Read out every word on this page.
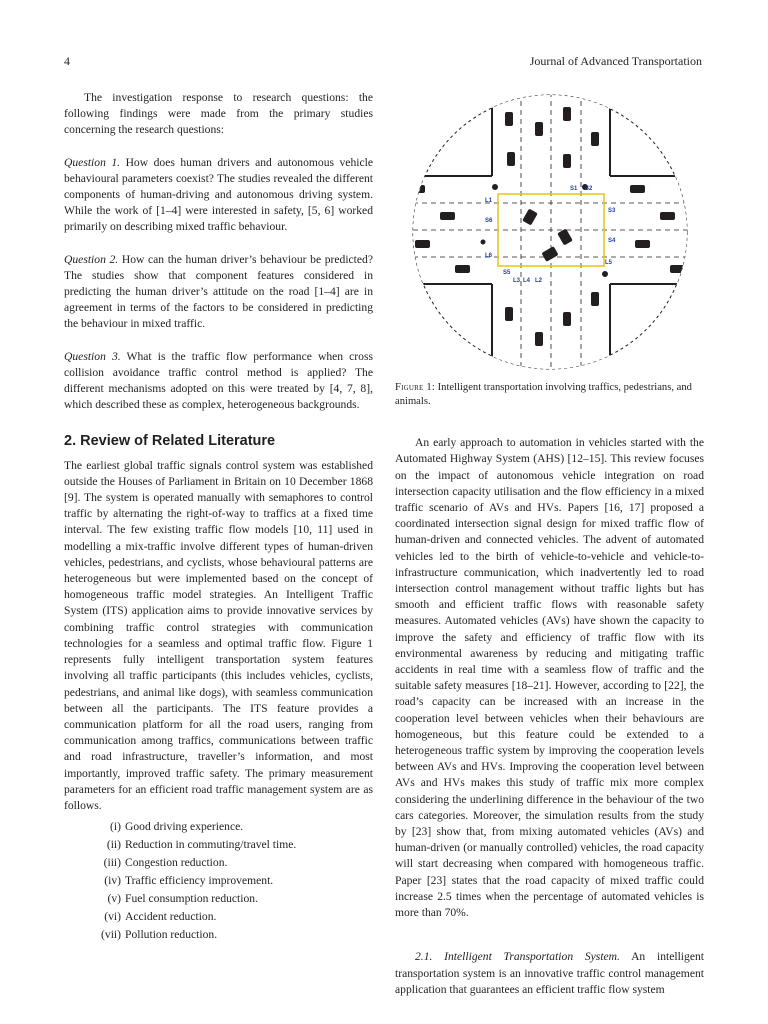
4	Journal of Advanced Transportation

The investigation response to research questions: the following findings were made from the primary studies concerning the research questions:

Question 1. How does human drivers and autonomous vehicle behavioural parameters coexist? The studies revealed the different components of human-driving and autonomous driving system. While the work of [1–4] were interested in safety, [5, 6] worked primarily on describing mixed traffic behaviour.

Question 2. How can the human driver’s behaviour be predicted? The studies show that component features considered in predicting the human driver’s attitude on the road [1–4] are in agreement in terms of the factors to be considered in predicting the behaviour in mixed traffic.

Question 3. What is the traffic flow performance when cross collision avoidance traffic control method is applied? The different mechanisms adopted on this were treated by [4, 7, 8], which described these as complex, heterogeneous backgrounds.

2. Review of Related Literature

The earliest global traffic signals control system was established outside the Houses of Parliament in Britain on 10 December 1868 [9]. The system is operated manually with semaphores to control traffic by alternating the right-of-way to traffics at a fixed time interval. The few existing traffic flow models [10, 11] used in modelling a mix-traffic involve different types of human-driven vehicles, pedestrians, and cyclists, whose behavioural patterns are heterogeneous but were implemented based on the concept of homogeneous traffic model strategies. An Intelligent Traffic System (ITS) application aims to provide innovative services by combining traffic control strategies with communication technologies for a seamless and optimal traffic flow. Figure 1 represents fully intelligent transportation system features involving all traffic participants (this includes vehicles, cyclists, pedestrians, and animal like dogs), with seamless communication between all the participants. The ITS feature provides a communication platform for all the road users, ranging from communication among traffics, communications between traffic and road infrastructure, traveller’s information, and most importantly, improved traffic safety. The primary measurement parameters for an efficient road traffic management system are as follows.

(i) Good driving experience.
(ii) Reduction in commuting/travel time.
(iii) Congestion reduction.
(iv) Traffic efficiency improvement.
(v) Fuel consumption reduction.
(vi) Accident reduction.
(vii) Pollution reduction.
S1 S2
S3
S4
S5
S6
L1
L2
L3 L4
L5
L6

Figure 1: Intelligent transportation involving traffics, pedestrians, and animals.

An early approach to automation in vehicles started with the Automated Highway System (AHS) [12–15]. This review focuses on the impact of autonomous vehicle integration on road intersection capacity utilisation and the flow efficiency in a mixed traffic scenario of AVs and HVs. Papers [16, 17] proposed a coordinated intersection signal design for mixed traffic flow of human-driven and connected vehicles. The advent of automated vehicles led to the birth of vehicle-to-vehicle and vehicle-to-infrastructure communication, which inadvertently led to road intersection control management without traffic lights but has smooth and efficient traffic flows with reasonable safety measures. Automated vehicles (AVs) have shown the capacity to improve the safety and efficiency of traffic flow with its environmental awareness by reducing and mitigating traffic accidents in real time with a seamless flow of traffic and the suitable safety measures [18–21]. However, according to [22], the road’s capacity can be increased with an increase in the cooperation level between vehicles when their behaviours are homogeneous, but this feature could be extended to a heterogeneous traffic system by improving the cooperation levels between AVs and HVs. Improving the cooperation level between AVs and HVs makes this study of traffic mix more complex considering the underlining difference in the behaviour of the two cars categories. Moreover, the simulation results from the study by [23] show that, from mixing automated vehicles (AVs) and human-driven (or manually controlled) vehicles, the road capacity will start decreasing when compared with homogeneous traffic. Paper [23] states that the road capacity of mixed traffic could increase 2.5 times when the percentage of automated vehicles is more than 70%.

2.1. Intelligent Transportation System. An intelligent transportation system is an innovative traffic control management application that guarantees an efficient traffic flow system
